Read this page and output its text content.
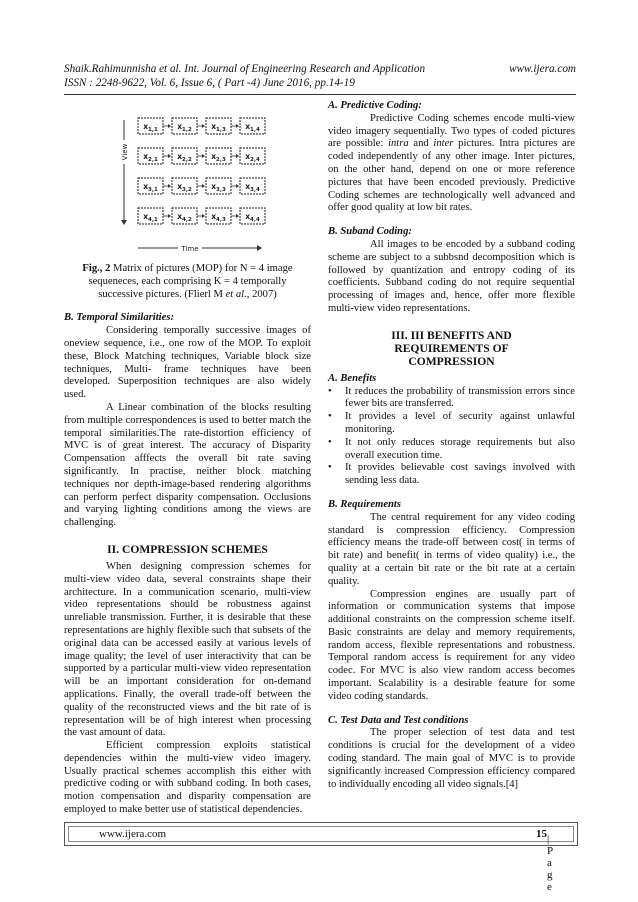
Shaik.Rahimunnisha et al. Int. Journal of Engineering Research and Application	www.ijera.com
ISSN : 2248-9622, Vol. 6, Issue 6, ( Part -4) June 2016, pp.14-19
$x_{1,1}$	$x_{1,2}$	$x_{1,3}$	$x_{1,4}$
$x_{2,1}$	$x_{2,2}$	$x_{2,3}$	$x_{2,4}$
$x_{3,1}$	$x_{3,2}$	$x_{3,3}$	$x_{3,4}$
$x_{4,1}$	$x_{4,2}$	$x_{4,3}$	$x_{4,4}$
View
Time
Fig., 2 Matrix of pictures (MOP) for N = 4 image sequeneces, each comprising K = 4 temporally successive pictures. (Flierl M et al., 2007)

B. Temporal Similarities:

Considering temporally successive images of oneview sequence, i.e., one row of the MOP. To exploit these, Block Matching techniques, Variable block size techniques, Multi- frame techniques have been developed. Superposition techniques are also widely used.

A Linear combination of the blocks resulting from multiple correspondences is used to better match the temporal similarities.The rate-distortion efficiency of MVC is of great interest. The accuracy of Disparity Compensation afffects the overall bit rate saving significantly. In practise, neither block matching techniques nor depth-image-based rendering algorithms can perform perfect disparity compensation. Occlusions and varying lighting conditions among the views are challenging.

II. COMPRESSION SCHEMES

When designing compression schemes for multi-view video data, several constraints shape their architecture. In a communication scenario, multi-view video representations should be robustness against unreliable transmission. Further, it is desirable that these representations are highly flexible such that subsets of the original data can be accessed easily at various levels of image quality; the level of user interactivity that can be supported by a particular multi-view video representation will be an important consideration for on-demand applications. Finally, the overall trade-off between the quality of the reconstructed views and the bit rate of is representation will be of high interest when processing the vast amount of data.

Efficient compression exploits statistical dependencies within the multi-view video imagery. Usually practical schemes accomplish this either with predictive coding or with subband coding. In both cases, motion compensation and disparity compensation are employed to make better use of statistical dependencies.

A. Predictive Coding:

Predictive Coding schemes encode multi-view video imagery sequentially. Two types of coded pictures are possible: intra and inter pictures. Intra pictures are coded independently of any other image. Inter pictures, on the other hand, depend on one or more reference pictures that have been encoded previously. Predictive Coding schemes are technologically well advanced and offer good quality at low bit rates.

B. Suband Coding:

All images to be encoded by a subband coding scheme are subject to a subbsnd decomposition which is followed by quantization and entropy coding of its coefficients. Subband coding do not require sequential processing of images and, hence, offer more flexible multi-view video representations.

III. III BENEFITS AND
REQUIREMENTS OF
COMPRESSION

A. Benefits

• It reduces the probability of transmission errors since fewer bits are transferred.
• It provides a level of security against unlawful monitoring.
• It not only reduces storage requirements but also overall execution time.
• It provides believable cost savings involved with sending less data.

B. Requirements

The central requirement for any video coding standard is compression efficiency. Compression efficiency means the trade-off between cost( in terms of bit rate) and benefit( in terms of video quality) i.e., the quality at a certain bit rate or the bit rate at a certain quality.

Compression engines are usually part of information or communication systems that impose additional constraints on the compression scheme itself. Basic constraints are delay and memory requirements, random access, flexible representations and robustness. Temporal random access is requirement for any video codec. For MVC is also view random access becomes important. Scalability is a desirable feature for some video coding standards.

C. Test Data and Test conditions

The proper selection of test data and test conditions is crucial for the development of a video coding standard. The main goal of MVC is to provide significantly increased Compression efficiency compared to individually encoding all video signals.[4]

www.ijera.com	15 | P a g e
